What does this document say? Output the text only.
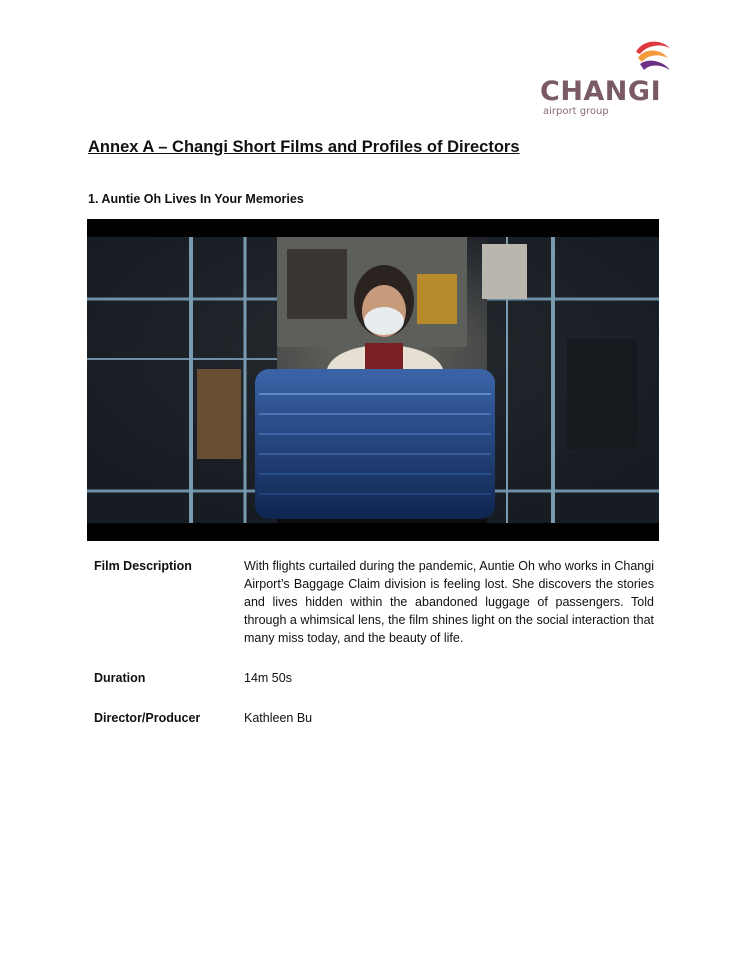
CHANGI
airport group
Annex A – Changi Short Films and Profiles of Directors
1. Auntie Oh Lives In Your Memories
Film Description	With flights curtailed during the pandemic, Auntie Oh who works in Changi Airport’s Baggage Claim division is feeling lost. She discovers the stories and lives hidden within the abandoned luggage of passengers. Told through a whimsical lens, the film shines light on the social interaction that many miss today, and the beauty of life.
Duration	14m 50s
Director/Producer	Kathleen Bu
